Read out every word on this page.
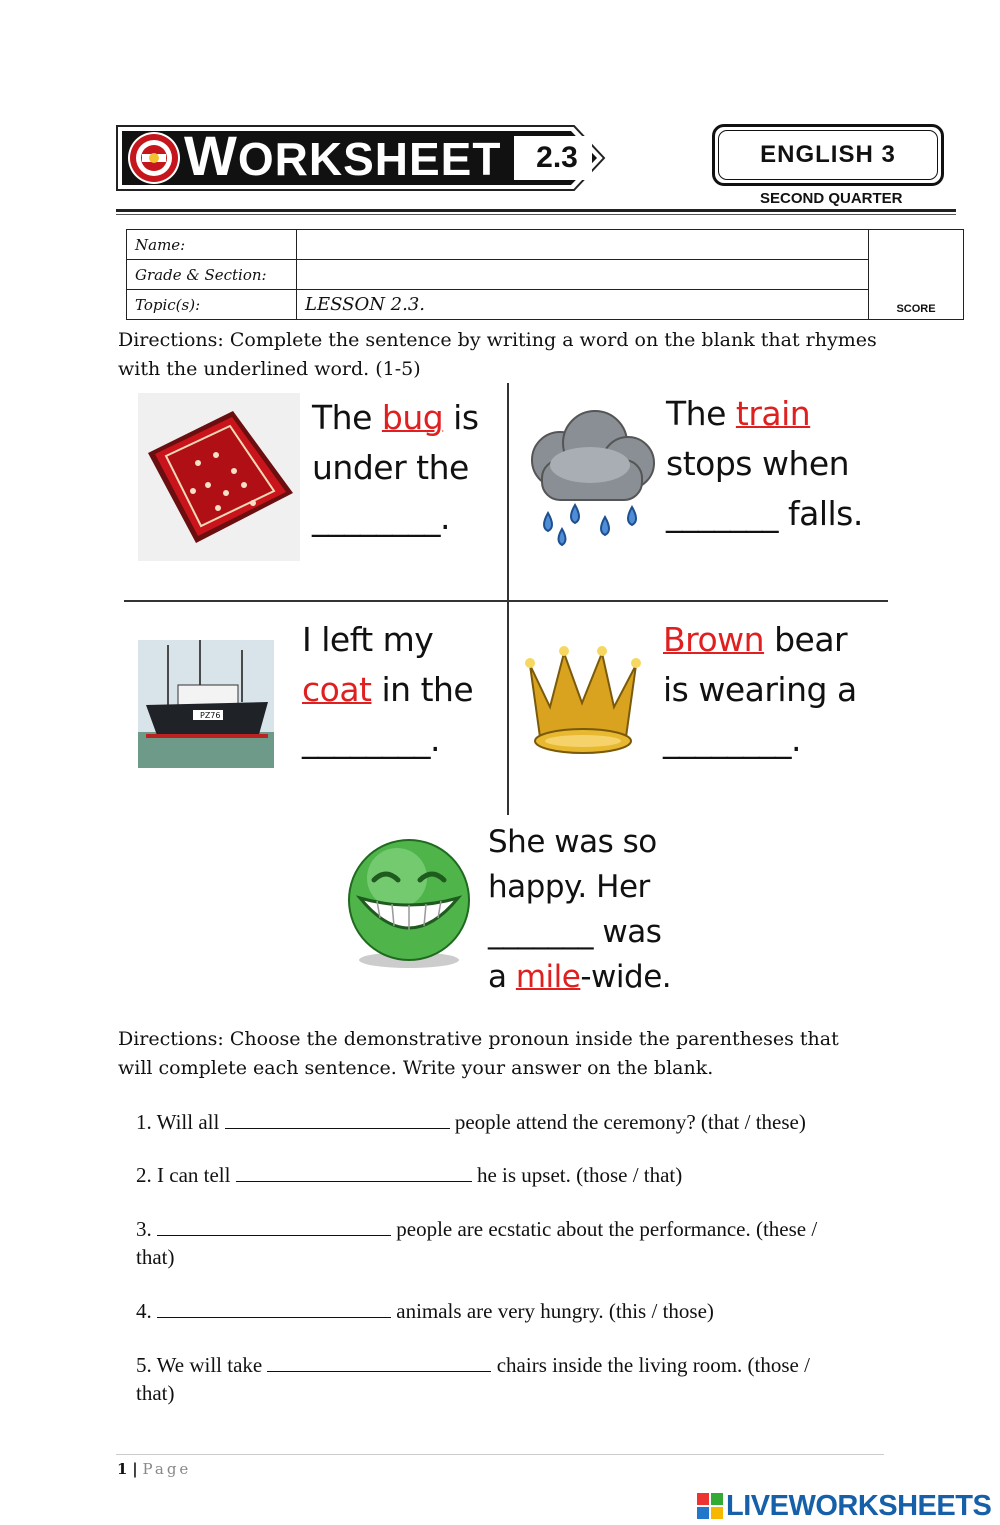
WORKSHEET	2.3	ENGLISH 3
SECOND QUARTER
Name:		SCORE
Grade & Section:		
Topic(s):	LESSON 2.3.	
Directions: Complete the sentence by writing a word on the blank that rhymes with the underlined word. (1-5)
The bug is
under the
________.
The train
stops when
_______ falls.
PZ76
I left my
coat in the
________.
Brown bear
is wearing a
________.
She was so
happy. Her
_______ was
a mile-wide.
Directions: Choose the demonstrative pronoun inside the parentheses that will complete each sentence. Write your answer on the blank.
1. Will all	people attend the ceremony? (that / these)
2. I can tell	he is upset. (those / that)
3.	people are ecstatic about the performance. (these /
that)
4.	animals are very hungry. (this / those)
5. We will take	chairs inside the living room. (those /
that)
1 | Page
LIVEWORKSHEETS
